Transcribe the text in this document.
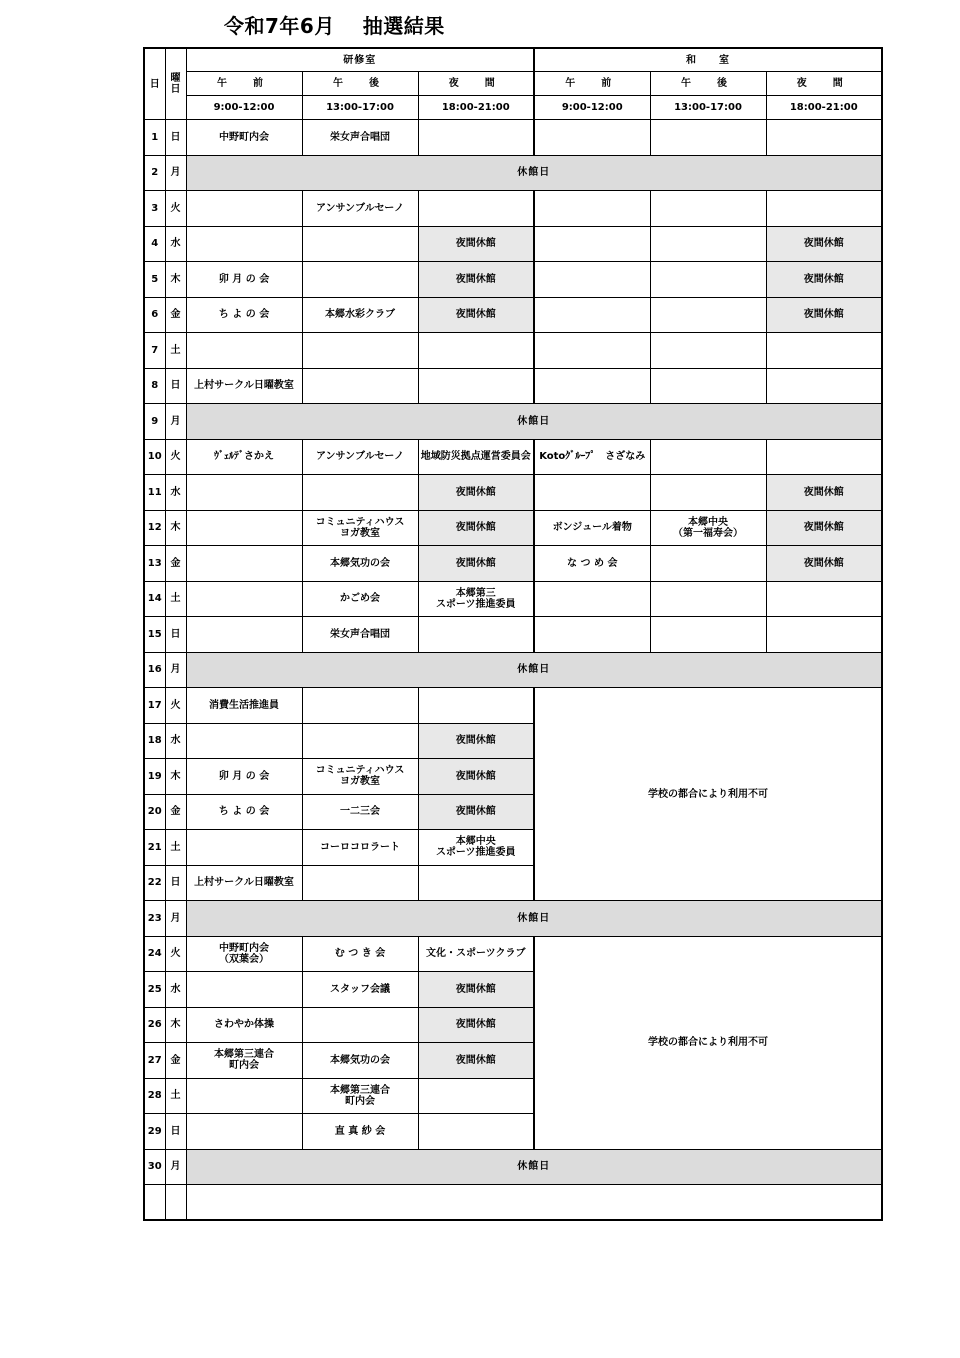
令和7年6月　 抽選結果
日	曜
日	研修室			和　　室		
		午　前	午　後	夜　間	午　前	午　後	夜　間
		9:00-12:00	13:00-17:00	18:00-21:00	9:00-12:00	13:00-17:00	18:00-21:00
1	日	中野町内会	栄女声合唱団				
2	月	休館日					
3	火		アンサンブルセーノ				
4	水			夜間休館			夜間休館
5	木	卯 月 の 会		夜間休館			夜間休館
6	金	ち よ の 会	本郷水彩クラブ	夜間休館			夜間休館
7	土						
8	日	上村サークル日曜教室					
9	月	休館日					
10	火	ｳﾞｪﾙﾃﾞさかえ	アンサンブルセーノ	地域防災拠点運営委員会	Kotoｸﾞﾙｰﾌﾟ　さざなみ		
11	水			夜間休館			夜間休館
12	木		コミュニティハウス
ヨガ教室	夜間休館	ボンジュール着物	本郷中央
（第一福寿会）	夜間休館
13	金		本郷気功の会	夜間休館	な つ め 会		夜間休館
14	土		かごめ会	本郷第三
スポーツ推進委員			
15	日		栄女声合唱団				
16	月	休館日					
17	火	消費生活推進員			学校の都合により利用不可		
18	水			夜間休館			
19	木	卯 月 の 会	コミュニティハウス
ヨガ教室	夜間休館			
20	金	ち よ の 会	一二三会	夜間休館			
21	土		コーロコロラート	本郷中央
スポーツ推進委員			
22	日	上村サークル日曜教室					
23	月	休館日					
24	火	中野町内会
（双葉会）	む つ き 会	文化・スポーツクラブ	学校の都合により利用不可		
25	水		スタッフ会議	夜間休館			
26	木	さわやか体操		夜間休館			
27	金	本郷第三連合
町内会	本郷気功の会	夜間休館			
28	土		本郷第三連合
町内会				
29	日		直 真 紗 会				
30	月	休館日					
